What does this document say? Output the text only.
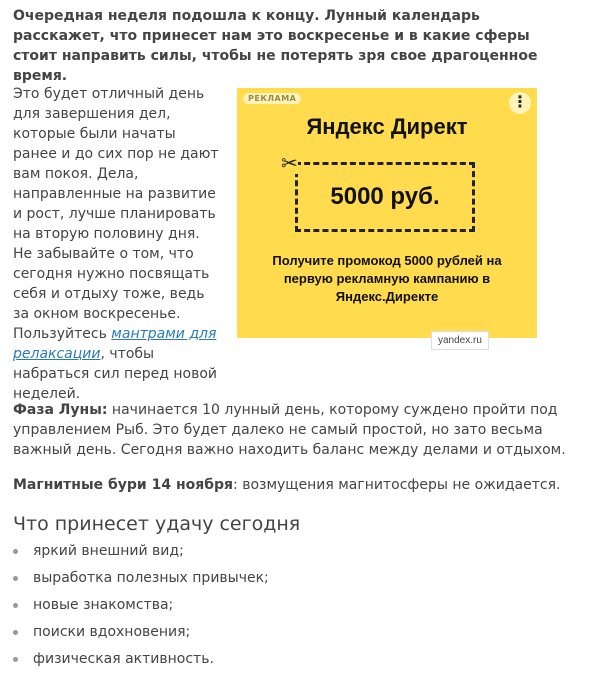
Очередная неделя подошла к концу. Лунный календарь расскажет, что принесет нам это воскресенье и в какие сферы стоит направить силы, чтобы не потерять зря свое драгоценное время.

Это будет отличный день для завершения дел, которые были начаты ранее и до сих пор не дают вам покоя. Дела, направленные на развитие и рост, лучше планировать на вторую половину дня. Не забывайте о том, что сегодня нужно посвящать себя и отдыху тоже, ведь за окном воскресенье. Пользуйтесь мантрами для релаксации, чтобы набраться сил перед новой неделей.

РЕКЛАМА	⋮
Яндекс Директ
5000 руб.
✂
Получите промокод 5000 рублей на первую рекламную кампанию в Яндекс.Директе
yandex.ru

Фаза Луны: начинается 10 лунный день, которому суждено пройти под управлением Рыб. Это будет далеко не самый простой, но зато весьма важный день. Сегодня важно находить баланс между делами и отдыхом.

Магнитные бури 14 ноября: возмущения магнитосферы не ожидается.

Что принесет удачу сегодня
яркий внешний вид;
выработка полезных привычек;
новые знакомства;
поиски вдохновения;
физическая активность.
